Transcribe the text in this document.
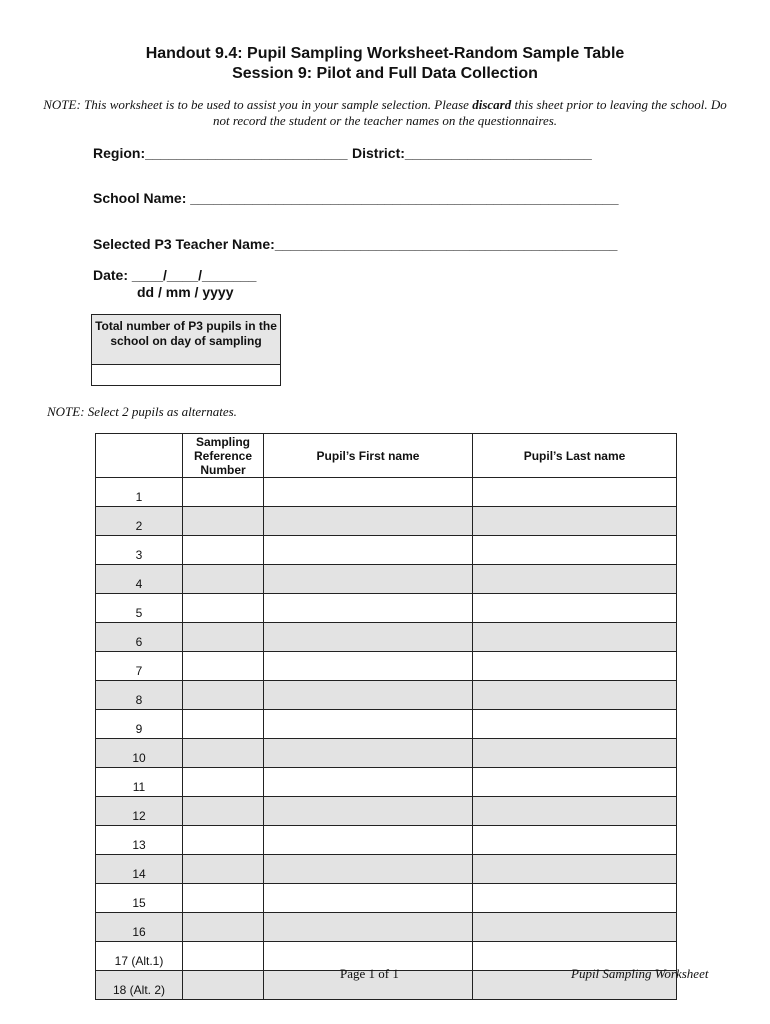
Handout 9.4: Pupil Sampling Worksheet-Random Sample Table
Session 9: Pilot and Full Data Collection
NOTE: This worksheet is to be used to assist you in your sample selection. Please discard this sheet prior to leaving the school. Do not record the student or the teacher names on the questionnaires.
Region:__________________________ District:________________________
School Name: _______________________________________________________
Selected P3 Teacher Name:____________________________________________
Date: ____/____/_______
dd / mm / yyyy
Total number of P3 pupils in the school on day of sampling
NOTE: Select 2 pupils as alternates.
	Sampling Reference Number	Pupil’s First name	Pupil’s Last name
1			
2			
3			
4			
5			
6			
7			
8			
9			
10			
11			
12			
13			
14			
15			
16			
17 (Alt.1)			
18 (Alt. 2)			
Page 1 of 1	Pupil Sampling Worksheet
